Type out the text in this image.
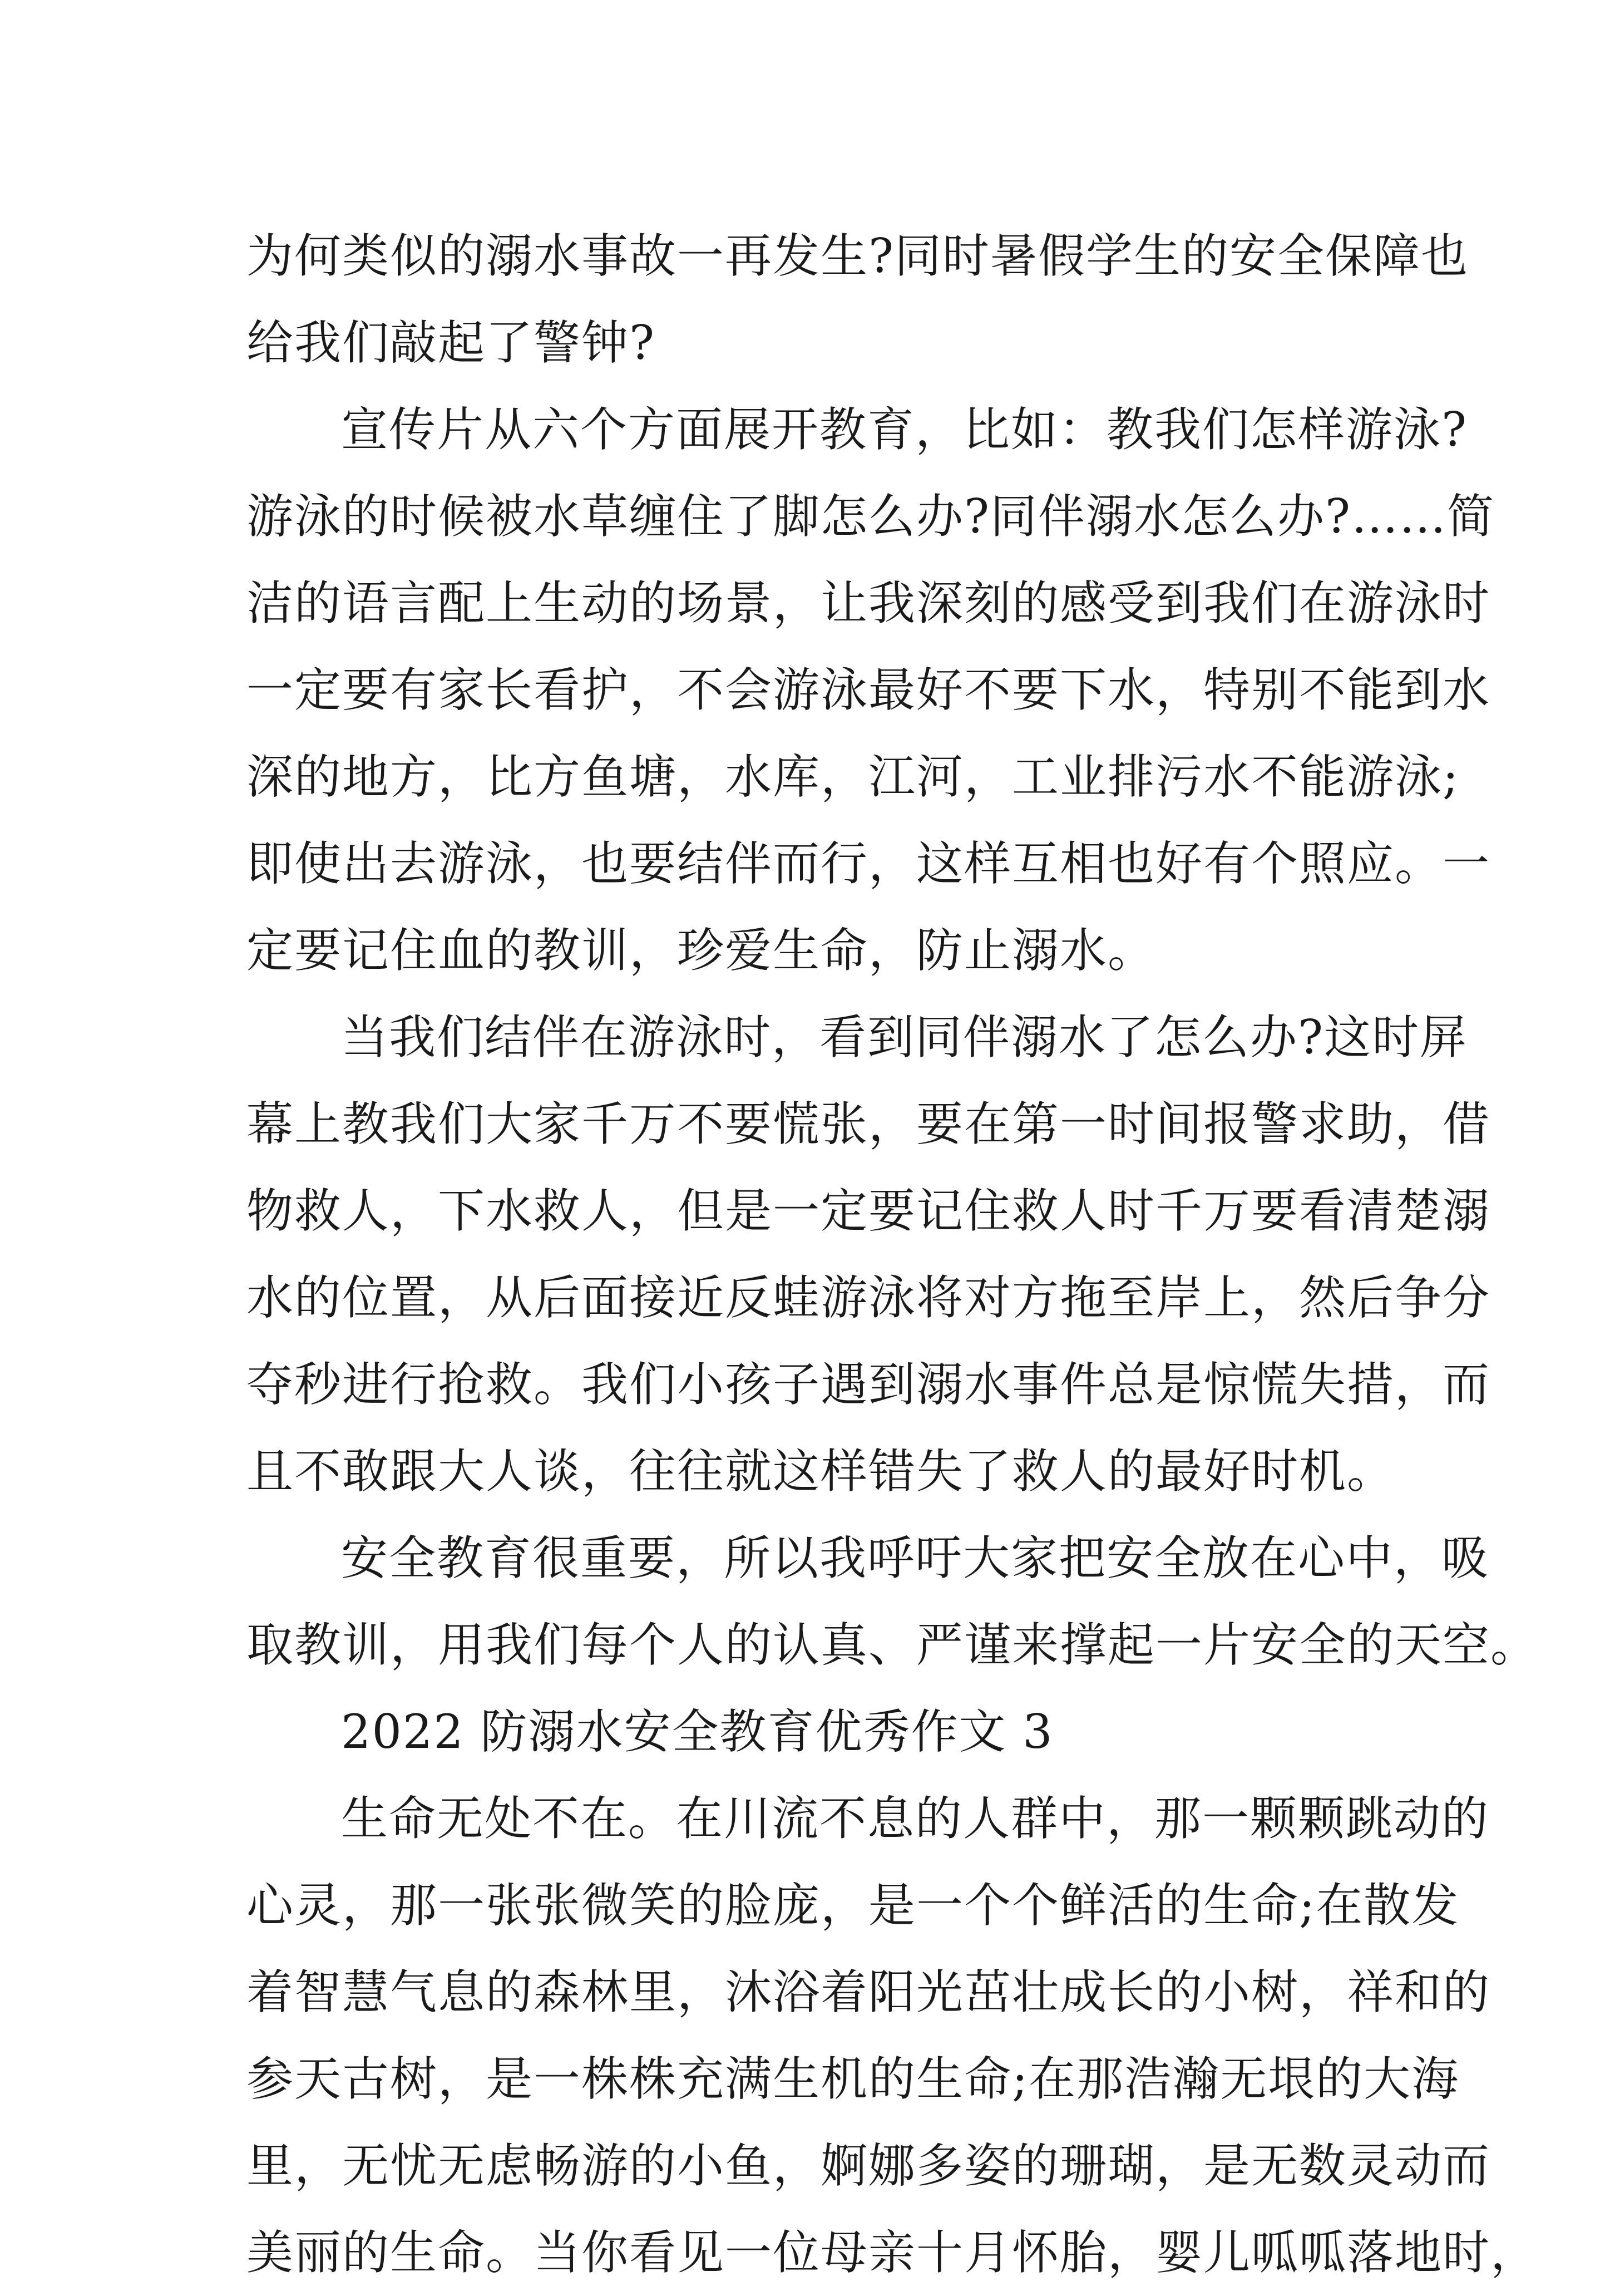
为何类似的溺水事故一再发生?同时暑假学生的安全保障也
给我们敲起了警钟?
宣传片从六个方面展开教育，比如：教我们怎样游泳?
游泳的时候被水草缠住了脚怎么办?同伴溺水怎么办?……简
洁的语言配上生动的场景，让我深刻的感受到我们在游泳时
一定要有家长看护，不会游泳最好不要下水，特别不能到水
深的地方，比方鱼塘，水库，江河，工业排污水不能游泳;
即使出去游泳，也要结伴而行，这样互相也好有个照应。一
定要记住血的教训，珍爱生命，防止溺水。
当我们结伴在游泳时，看到同伴溺水了怎么办?这时屏
幕上教我们大家千万不要慌张，要在第一时间报警求助，借
物救人，下水救人，但是一定要记住救人时千万要看清楚溺
水的位置，从后面接近反蛙游泳将对方拖至岸上，然后争分
夺秒进行抢救。我们小孩子遇到溺水事件总是惊慌失措，而
且不敢跟大人谈，往往就这样错失了救人的最好时机。
安全教育很重要，所以我呼吁大家把安全放在心中，吸
取教训，用我们每个人的认真、严谨来撑起一片安全的天空。
2022 防溺水安全教育优秀作文 3
生命无处不在。在川流不息的人群中，那一颗颗跳动的
心灵，那一张张微笑的脸庞，是一个个鲜活的生命;在散发
着智慧气息的森林里，沐浴着阳光茁壮成长的小树，祥和的
参天古树，是一株株充满生机的生命;在那浩瀚无垠的大海
里，无忧无虑畅游的小鱼，婀娜多姿的珊瑚，是无数灵动而
美丽的生命。当你看见一位母亲十月怀胎，婴儿呱呱落地时，
